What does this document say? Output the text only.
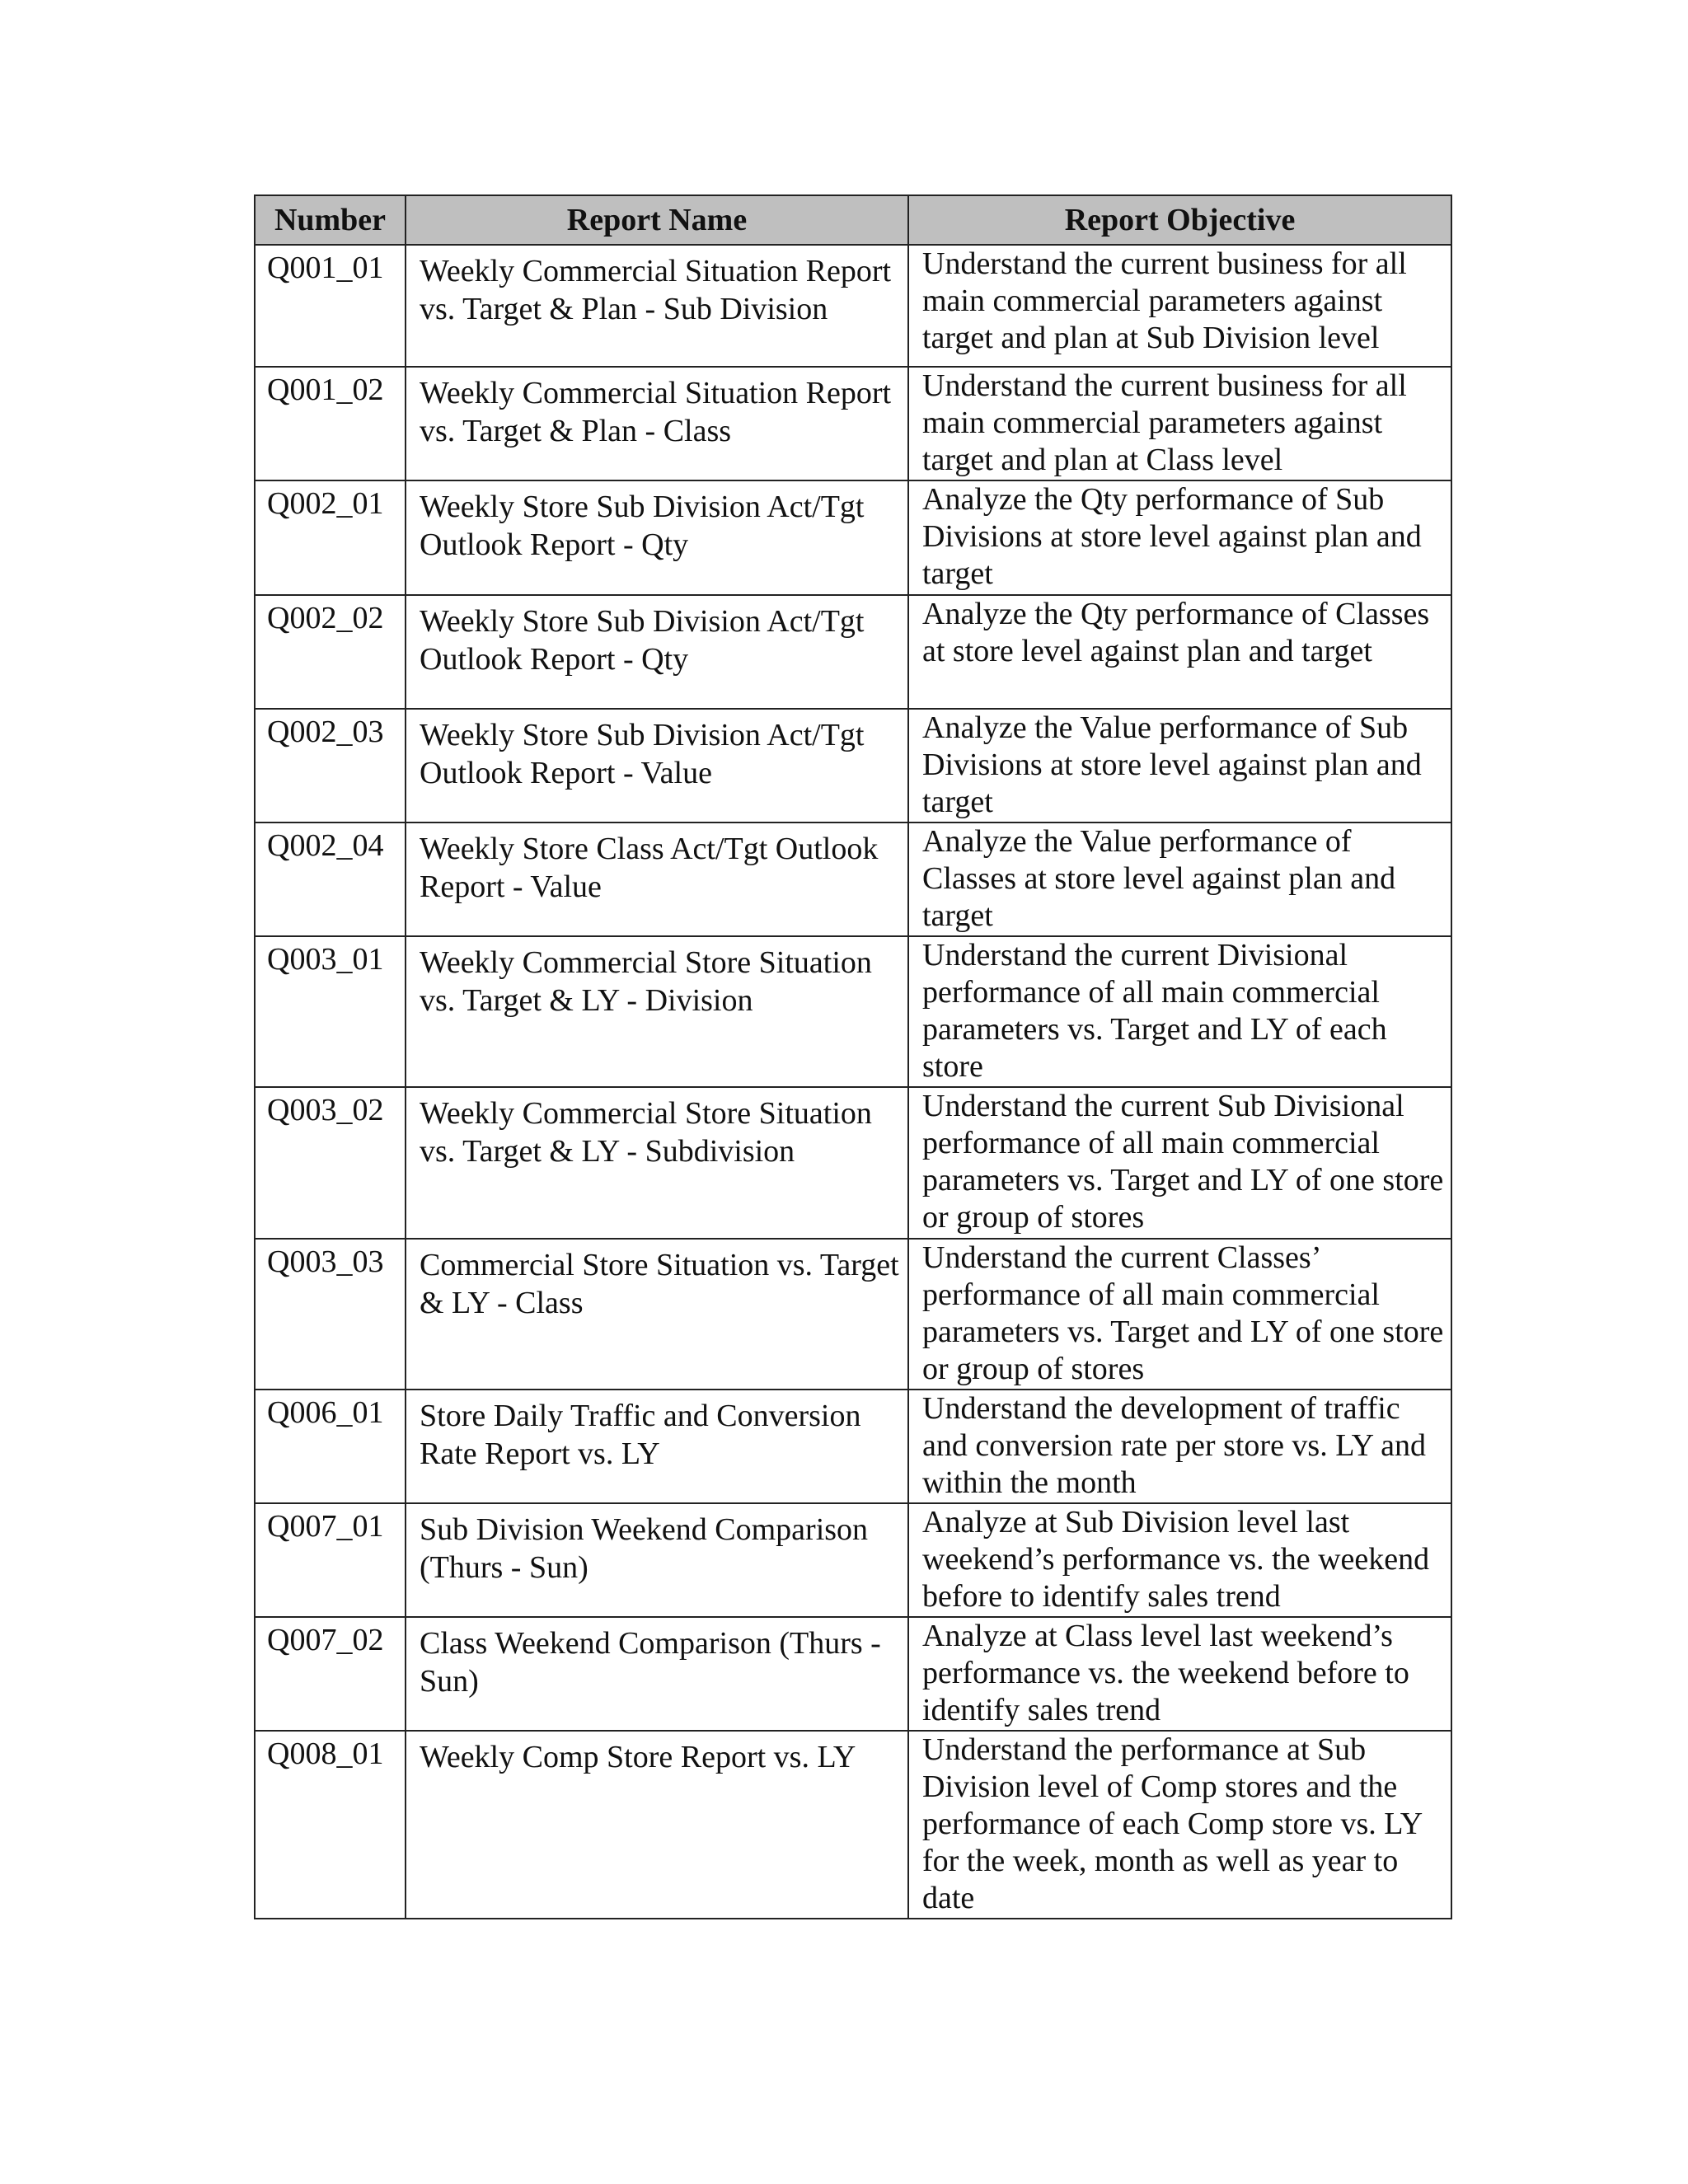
Number	Report Name	Report Objective
Q001_01	Weekly Commercial Situation Report vs. Target & Plan - Sub Division	Understand the current business for all main commercial parameters against target and plan at Sub Division level
Q001_02	Weekly Commercial Situation Report vs. Target & Plan - Class	Understand the current business for all main commercial parameters against target and plan at Class level
Q002_01	Weekly Store Sub Division Act/Tgt Outlook Report - Qty	Analyze the Qty performance of Sub Divisions at store level against plan and target
Q002_02	Weekly Store Sub Division Act/Tgt Outlook Report - Qty	Analyze the Qty performance of Classes at store level against plan and target
Q002_03	Weekly Store Sub Division Act/Tgt Outlook Report - Value	Analyze the Value performance of Sub Divisions at store level against plan and target
Q002_04	Weekly Store Class Act/Tgt Outlook Report - Value	Analyze the Value performance of Classes at store level against plan and target
Q003_01	Weekly Commercial Store Situation vs. Target & LY - Division	Understand the current Divisional performance of all main commercial parameters vs. Target and LY of each store
Q003_02	Weekly Commercial Store Situation vs. Target & LY - Subdivision	Understand the current Sub Divisional performance of all main commercial parameters vs. Target and LY of one store or group of stores
Q003_03	Commercial Store Situation vs. Target & LY - Class	Understand the current Classes’ performance of all main commercial parameters vs. Target and LY of one store or group of stores
Q006_01	Store Daily Traffic and Conversion Rate Report vs. LY	Understand the development of traffic and conversion rate per store vs. LY and within the month
Q007_01	Sub Division Weekend Comparison (Thurs - Sun)	Analyze at Sub Division level last weekend’s performance vs. the weekend before to identify sales trend
Q007_02	Class Weekend Comparison (Thurs - Sun)	Analyze at Class level last weekend’s performance vs. the weekend before to identify sales trend
Q008_01	Weekly Comp Store Report vs. LY	Understand the performance at Sub Division level of Comp stores and the performance of each Comp store vs. LY for the week, month as well as year to date
